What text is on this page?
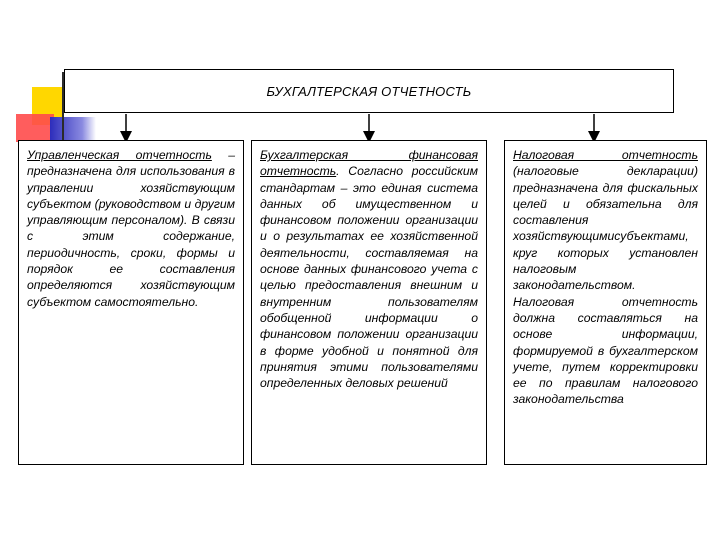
БУХГАЛТЕРСКАЯ ОТЧЕТНОСТЬ

Управленческая отчетность – предназначена для использования в управлении хозяйствующим субъектом (руководством и другим управляющим персоналом). В связи с этим содержание, периодичность, сроки, формы и порядок ее составления определяются хозяйствующим субъектом самостоятельно.

Бухгалтерская финансовая отчетность. Согласно российским стандартам – это единая система данных об имущественном и финансовом положении организации и о результатах ее хозяйственной деятельности, составляемая на основе данных финансового учета с целью предоставления внешним и внутренним пользователям обобщенной информации о финансовом положении организации в форме удобной и понятной для принятия этими пользователями определенных деловых решений

Налоговая отчетность (налоговые декларации) предназначена для фискальных целей и обязательна для составления хозяйствующимисубъектами, круг которых установлен налоговым законодательством. Налоговая отчетность должна составляться на основе информации, формируемой в бухгалтерском учете, путем корректировки ее по правилам налогового законодательства
